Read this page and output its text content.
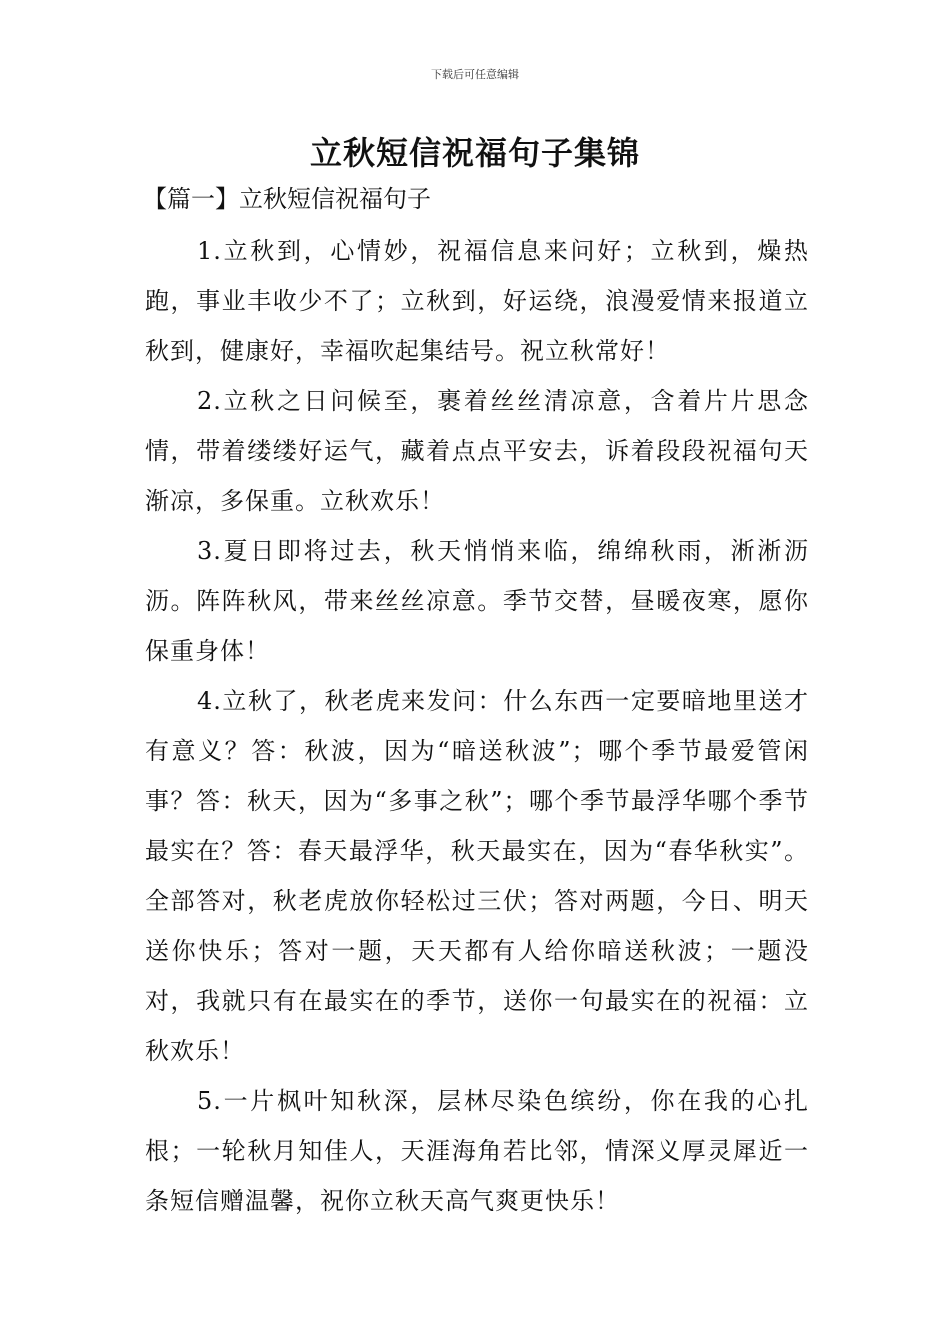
下载后可任意编辑
立秋短信祝福句子集锦
【篇一】立秋短信祝福句子

1.立秋到，心情妙，祝福信息来问好；立秋到，燥热跑，事业丰收少不了；立秋到，好运绕，浪漫爱情来报道立秋到，健康好，幸福吹起集结号。祝立秋常好！

2.立秋之日问候至，裹着丝丝清凉意，含着片片思念情，带着缕缕好运气，藏着点点平安去，诉着段段祝福句天渐凉，多保重。立秋欢乐！

3.夏日即将过去，秋天悄悄来临，绵绵秋雨，淅淅沥沥。阵阵秋风，带来丝丝凉意。季节交替，昼暖夜寒，愿你保重身体！

4.立秋了，秋老虎来发问：什么东西一定要暗地里送才有意义？答：秋波，因为“暗送秋波”；哪个季节最爱管闲事？答：秋天，因为“多事之秋”；哪个季节最浮华哪个季节最实在？答：春天最浮华，秋天最实在，因为“春华秋实”。全部答对，秋老虎放你轻松过三伏；答对两题，今日、明天送你快乐；答对一题，天天都有人给你暗送秋波；一题没对，我就只有在最实在的季节，送你一句最实在的祝福：立秋欢乐！

5.一片枫叶知秋深，层林尽染色缤纷，你在我的心扎根；一轮秋月知佳人，天涯海角若比邻，情深义厚灵犀近一条短信赠温馨，祝你立秋天高气爽更快乐！
